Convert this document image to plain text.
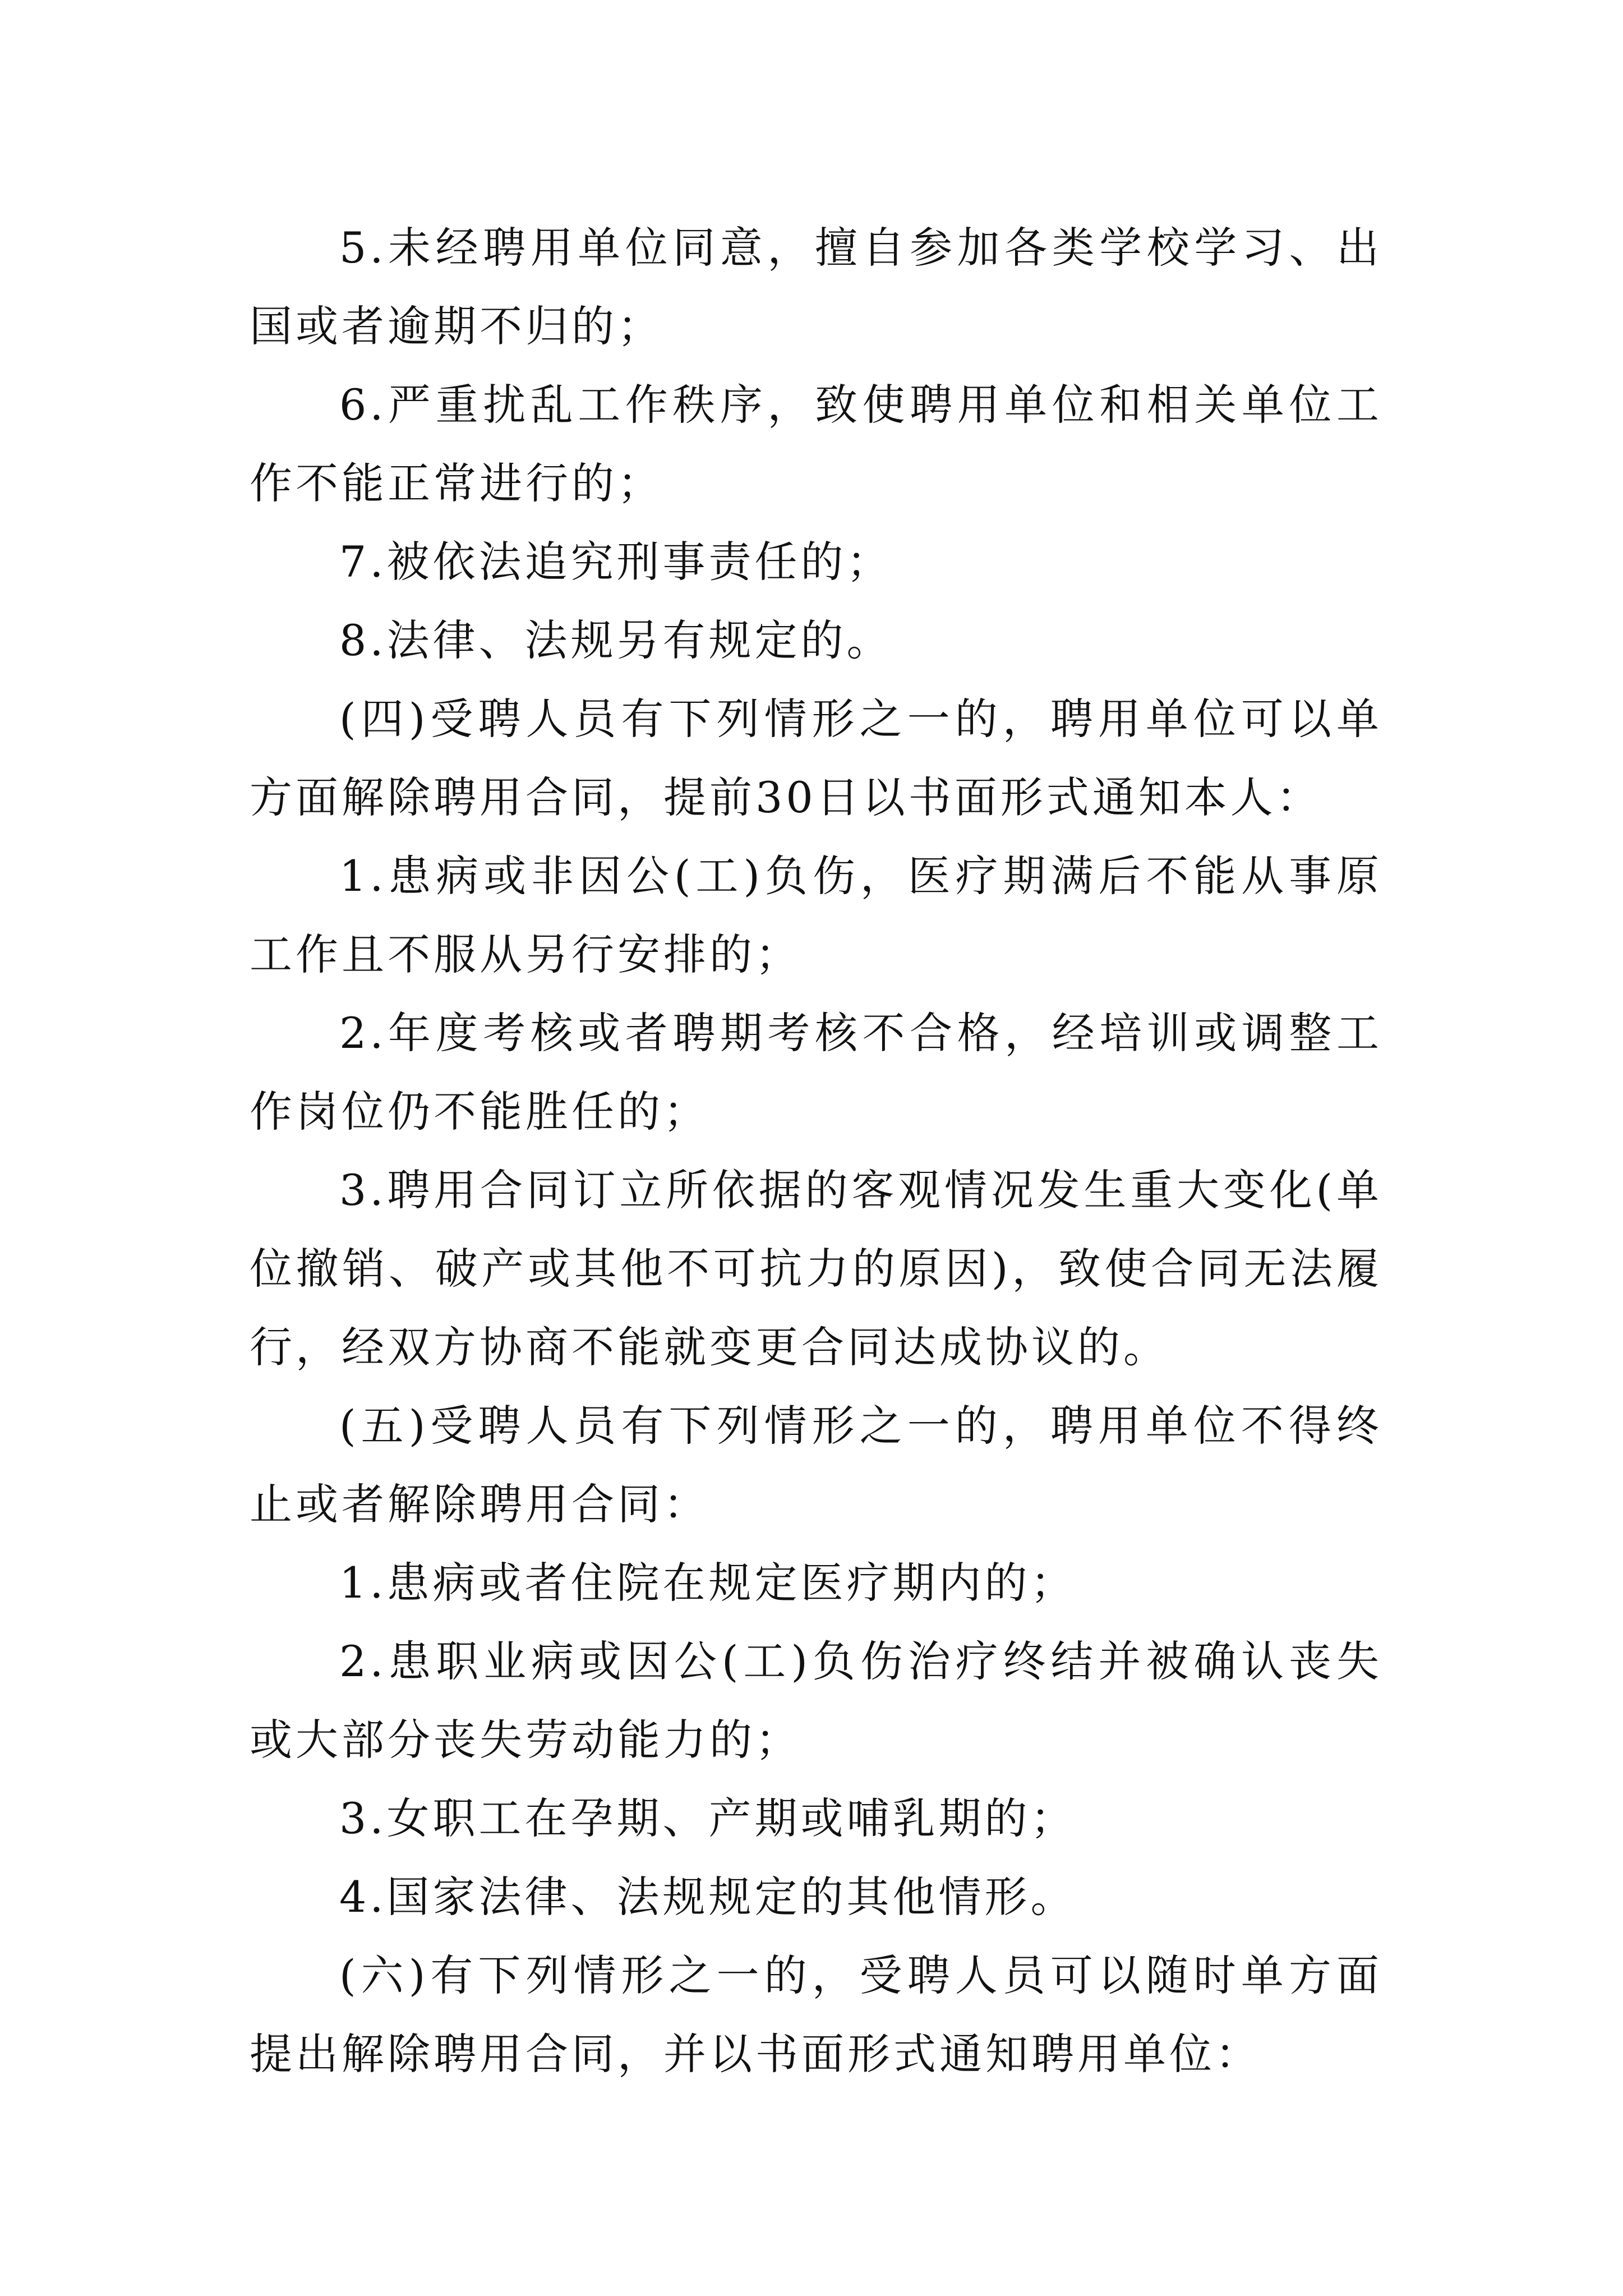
5.未经聘用单位同意，擅自参加各类学校学习、出国或者逾期不归的；

6.严重扰乱工作秩序，致使聘用单位和相关单位工作不能正常进行的；

7.被依法追究刑事责任的；

8.法律、法规另有规定的。

(四)受聘人员有下列情形之一的，聘用单位可以单方面解除聘用合同，提前30日以书面形式通知本人：

1.患病或非因公(工)负伤，医疗期满后不能从事原工作且不服从另行安排的；

2.年度考核或者聘期考核不合格，经培训或调整工作岗位仍不能胜任的；

3.聘用合同订立所依据的客观情况发生重大变化(单位撤销、破产或其他不可抗力的原因)，致使合同无法履行，经双方协商不能就变更合同达成协议的。

(五)受聘人员有下列情形之一的，聘用单位不得终止或者解除聘用合同：

1.患病或者住院在规定医疗期内的；

2.患职业病或因公(工)负伤治疗终结并被确认丧失或大部分丧失劳动能力的；

3.女职工在孕期、产期或哺乳期的；

4.国家法律、法规规定的其他情形。

(六)有下列情形之一的，受聘人员可以随时单方面提出解除聘用合同，并以书面形式通知聘用单位：
